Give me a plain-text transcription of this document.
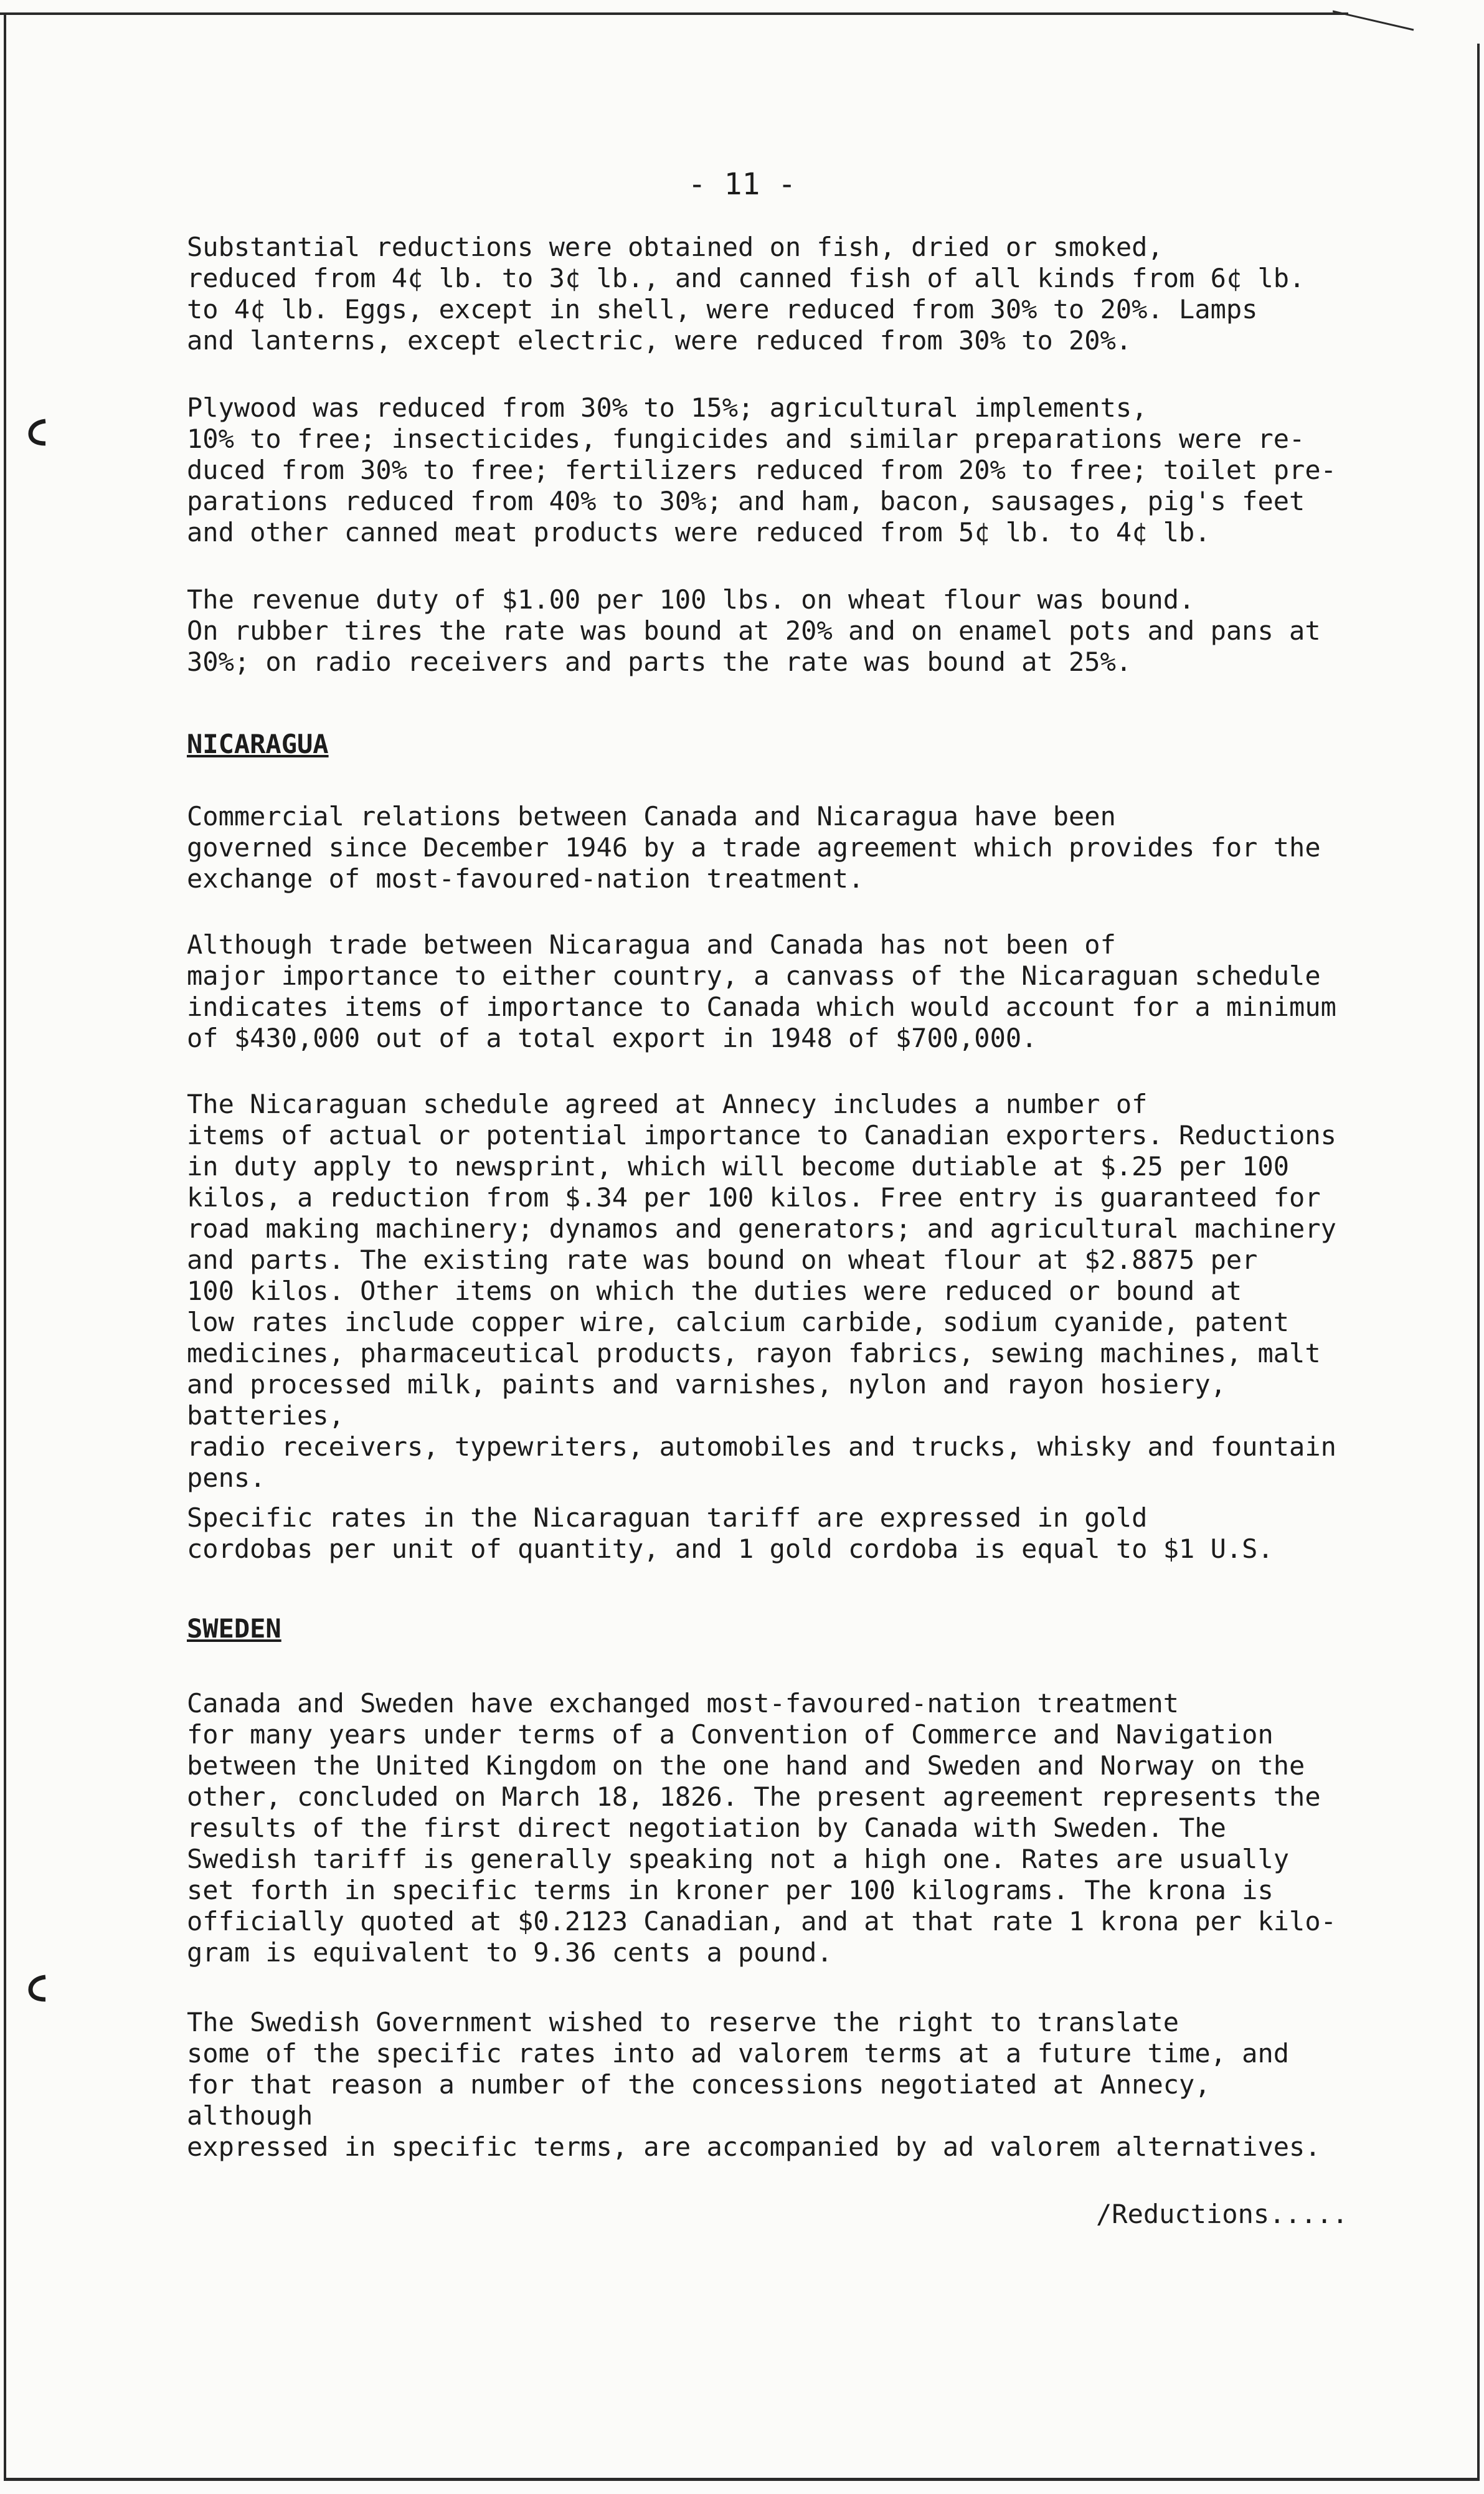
- 11 -

Substantial reductions were obtained on fish, dried or smoked,
reduced from 4¢ lb. to 3¢ lb., and canned fish of all kinds from 6¢ lb.
to 4¢ lb. Eggs, except in shell, were reduced from 30% to 20%. Lamps
and lanterns, except electric, were reduced from 30% to 20%.

Plywood was reduced from 30% to 15%; agricultural implements,
10% to free; insecticides, fungicides and similar preparations were re-
duced from 30% to free; fertilizers reduced from 20% to free; toilet pre-
parations reduced from 40% to 30%; and ham, bacon, sausages, pig's feet
and other canned meat products were reduced from 5¢ lb. to 4¢ lb.

The revenue duty of $1.00 per 100 lbs. on wheat flour was bound.
On rubber tires the rate was bound at 20% and on enamel pots and pans at
30%; on radio receivers and parts the rate was bound at 25%.

NICARAGUA

Commercial relations between Canada and Nicaragua have been
governed since December 1946 by a trade agreement which provides for the
exchange of most-favoured-nation treatment.

Although trade between Nicaragua and Canada has not been of
major importance to either country, a canvass of the Nicaraguan schedule
indicates items of importance to Canada which would account for a minimum
of $430,000 out of a total export in 1948 of $700,000.

The Nicaraguan schedule agreed at Annecy includes a number of
items of actual or potential importance to Canadian exporters. Reductions
in duty apply to newsprint, which will become dutiable at $.25 per 100
kilos, a reduction from $.34 per 100 kilos. Free entry is guaranteed for
road making machinery; dynamos and generators; and agricultural machinery
and parts. The existing rate was bound on wheat flour at $2.8875 per
100 kilos. Other items on which the duties were reduced or bound at
low rates include copper wire, calcium carbide, sodium cyanide, patent
medicines, pharmaceutical products, rayon fabrics, sewing machines, malt
and processed milk, paints and varnishes, nylon and rayon hosiery, batteries,
radio receivers, typewriters, automobiles and trucks, whisky and fountain
pens.

Specific rates in the Nicaraguan tariff are expressed in gold
cordobas per unit of quantity, and 1 gold cordoba is equal to $1 U.S.

SWEDEN

Canada and Sweden have exchanged most-favoured-nation treatment
for many years under terms of a Convention of Commerce and Navigation
between the United Kingdom on the one hand and Sweden and Norway on the
other, concluded on March 18, 1826. The present agreement represents the
results of the first direct negotiation by Canada with Sweden. The
Swedish tariff is generally speaking not a high one. Rates are usually
set forth in specific terms in kroner per 100 kilograms. The krona is
officially quoted at $0.2123 Canadian, and at that rate 1 krona per kilo-
gram is equivalent to 9.36 cents a pound.

The Swedish Government wished to reserve the right to translate
some of the specific rates into ad valorem terms at a future time, and
for that reason a number of the concessions negotiated at Annecy, although
expressed in specific terms, are accompanied by ad valorem alternatives.

/Reductions.....
